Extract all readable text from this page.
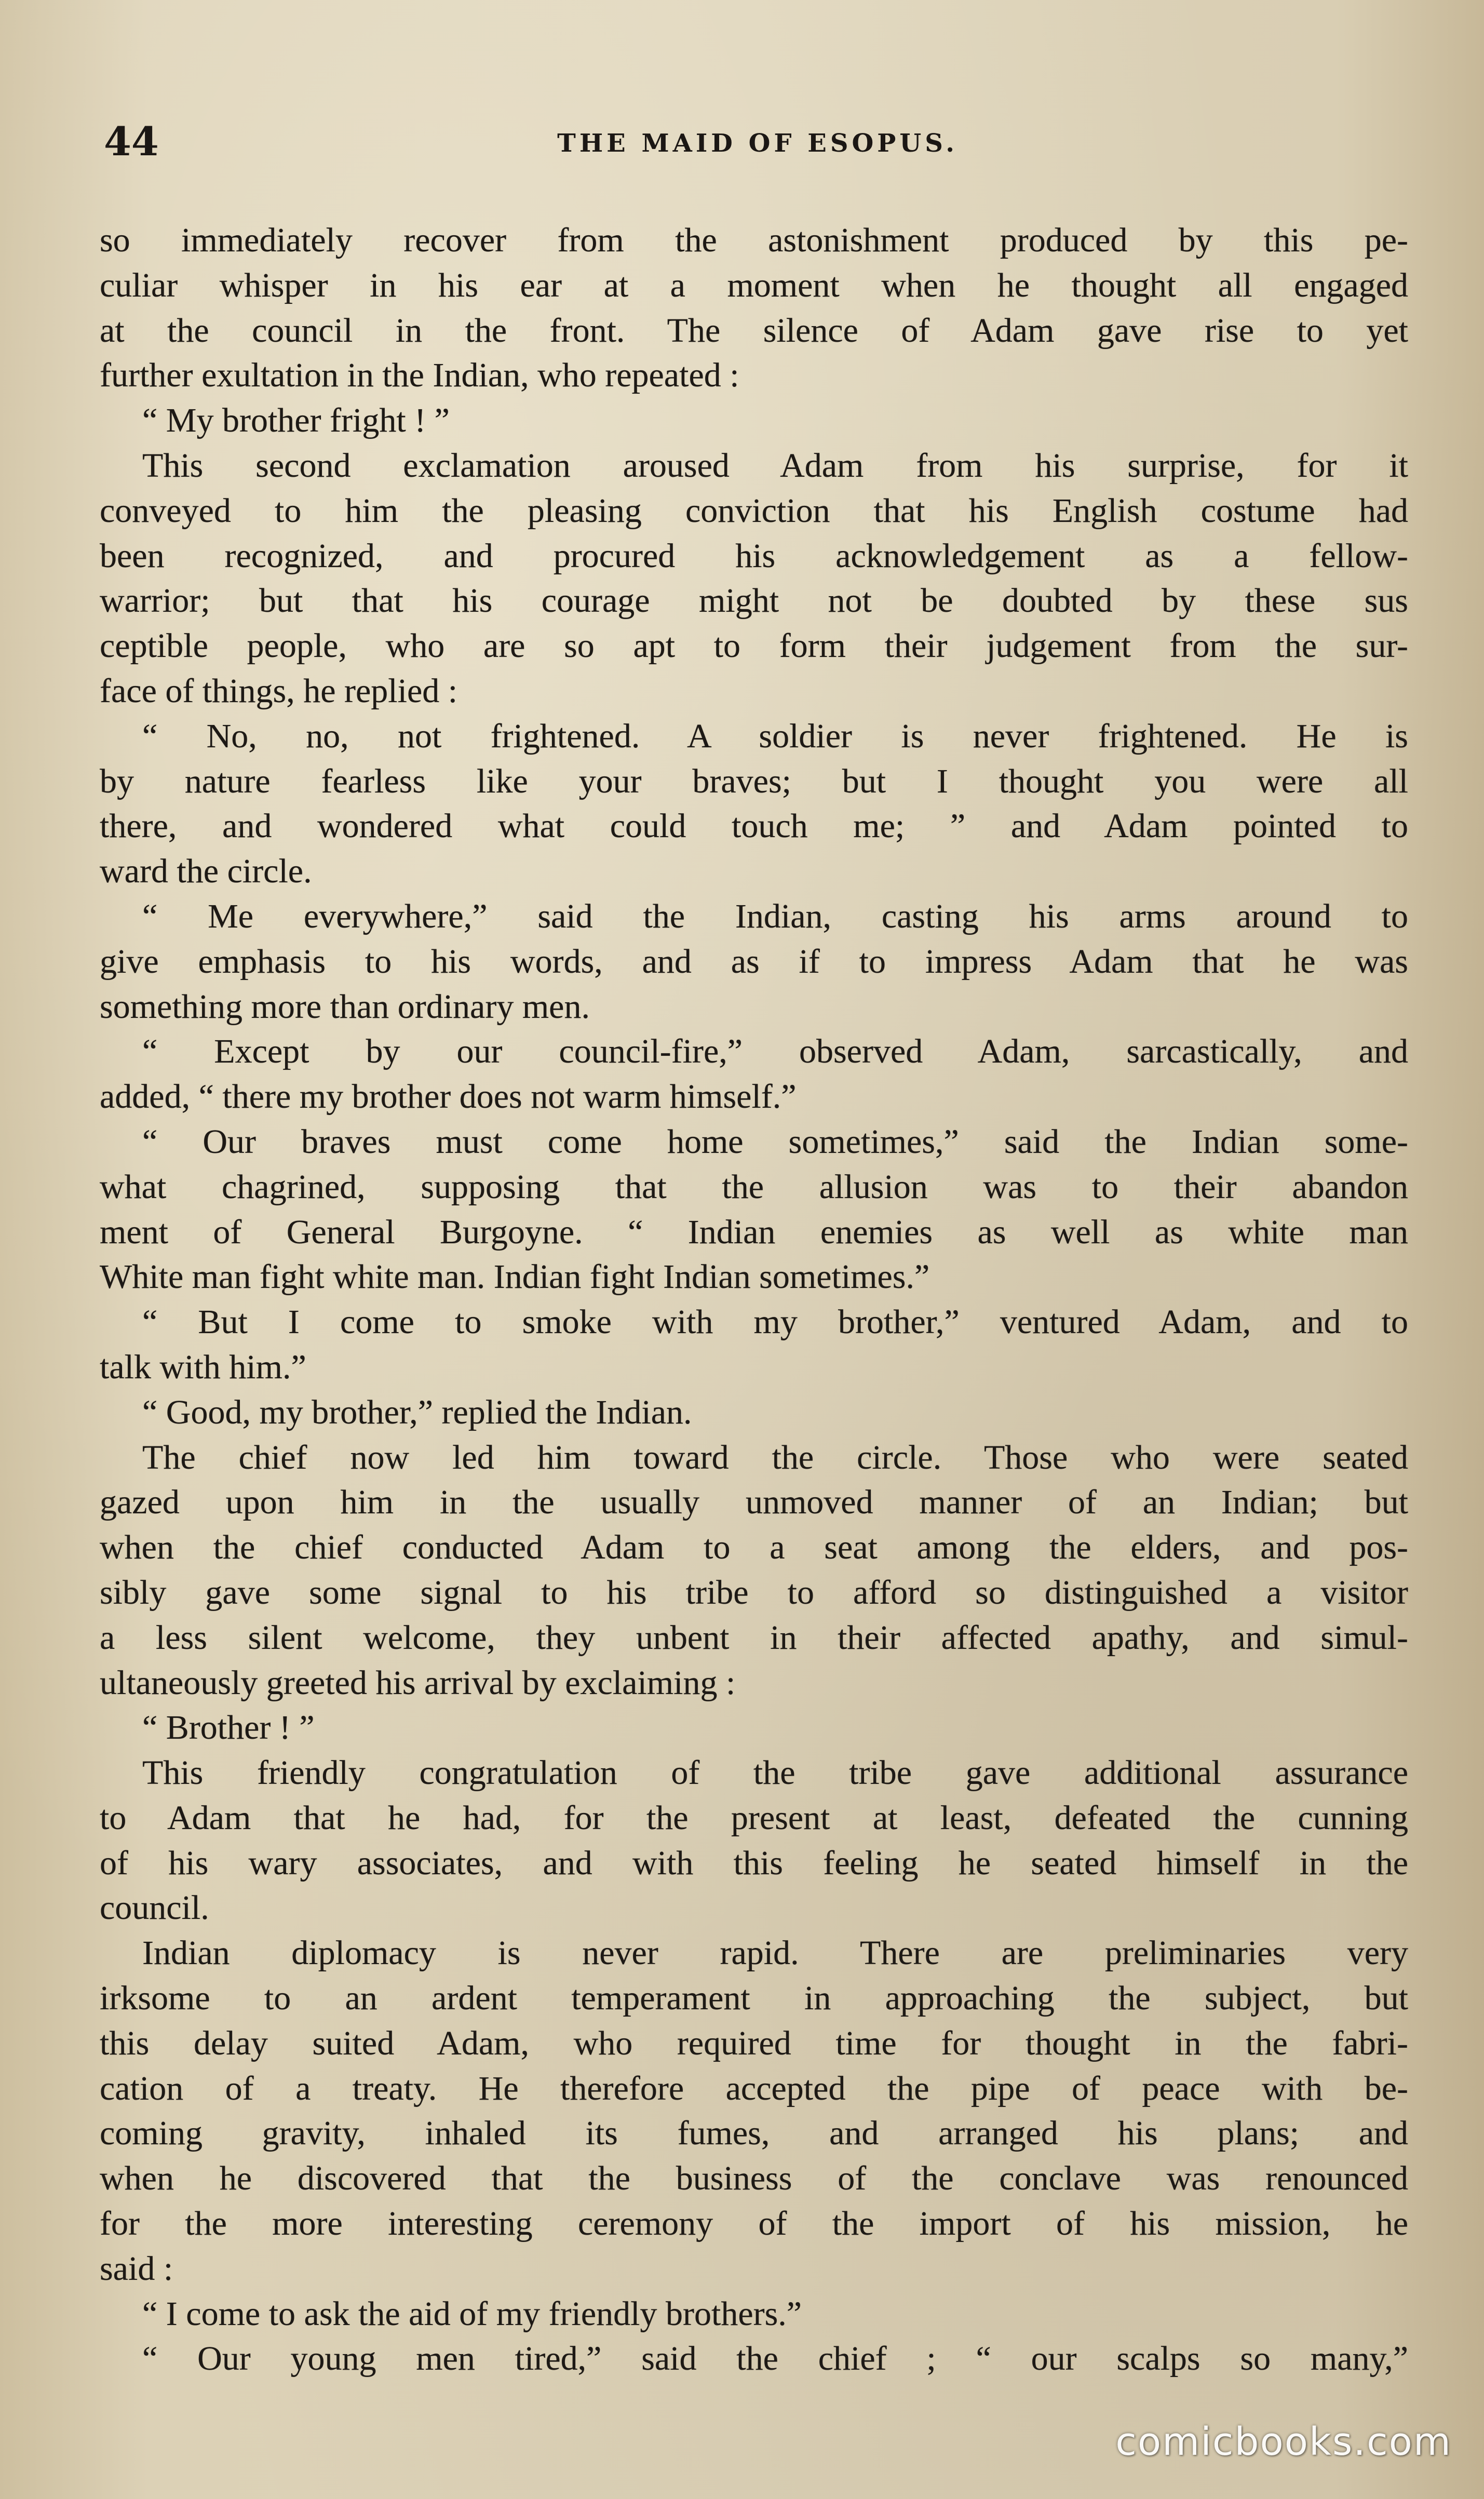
44	THE MAID OF ESOPUS.
so immediately recover from the astonishment produced by this pe-
culiar whisper in his ear at a moment when he thought all engaged
at the council in the front. The silence of Adam gave rise to yet
further exultation in the Indian, who repeated :
“ My brother fright ! ”
This second exclamation aroused Adam from his surprise, for it
conveyed to him the pleasing conviction that his English costume had
been recognized, and procured his acknowledgement as a fellow-
warrior; but that his courage might not be doubted by these sus
ceptible people, who are so apt to form their judgement from the sur-
face of things, he replied :
“ No, no, not frightened. A soldier is never frightened. He is
by nature fearless like your braves; but I thought you were all
there, and wondered what could touch me; ” and Adam pointed to
ward the circle.
“ Me everywhere,” said the Indian, casting his arms around to
give emphasis to his words, and as if to impress Adam that he was
something more than ordinary men.
“ Except by our council-fire,” observed Adam, sarcastically, and
added, “ there my brother does not warm himself.”
“ Our braves must come home sometimes,” said the Indian some-
what chagrined, supposing that the allusion was to their abandon
ment of General Burgoyne. “ Indian enemies as well as white man
White man fight white man. Indian fight Indian sometimes.”
“ But I come to smoke with my brother,” ventured Adam, and to
talk with him.”
“ Good, my brother,” replied the Indian.
The chief now led him toward the circle. Those who were seated
gazed upon him in the usually unmoved manner of an Indian; but
when the chief conducted Adam to a seat among the elders, and pos-
sibly gave some signal to his tribe to afford so distinguished a visitor
a less silent welcome, they unbent in their affected apathy, and simul-
ultaneously greeted his arrival by exclaiming :
“ Brother ! ”
This friendly congratulation of the tribe gave additional assurance
to Adam that he had, for the present at least, defeated the cunning
of his wary associates, and with this feeling he seated himself in the
council.
Indian diplomacy is never rapid. There are preliminaries very
irksome to an ardent temperament in approaching the subject, but
this delay suited Adam, who required time for thought in the fabri-
cation of a treaty. He therefore accepted the pipe of peace with be-
coming gravity, inhaled its fumes, and arranged his plans; and
when he discovered that the business of the conclave was renounced
for the more interesting ceremony of the import of his mission, he
said :
“ I come to ask the aid of my friendly brothers.”
“ Our young men tired,” said the chief ; “ our scalps so many,”
comicbooks.com
